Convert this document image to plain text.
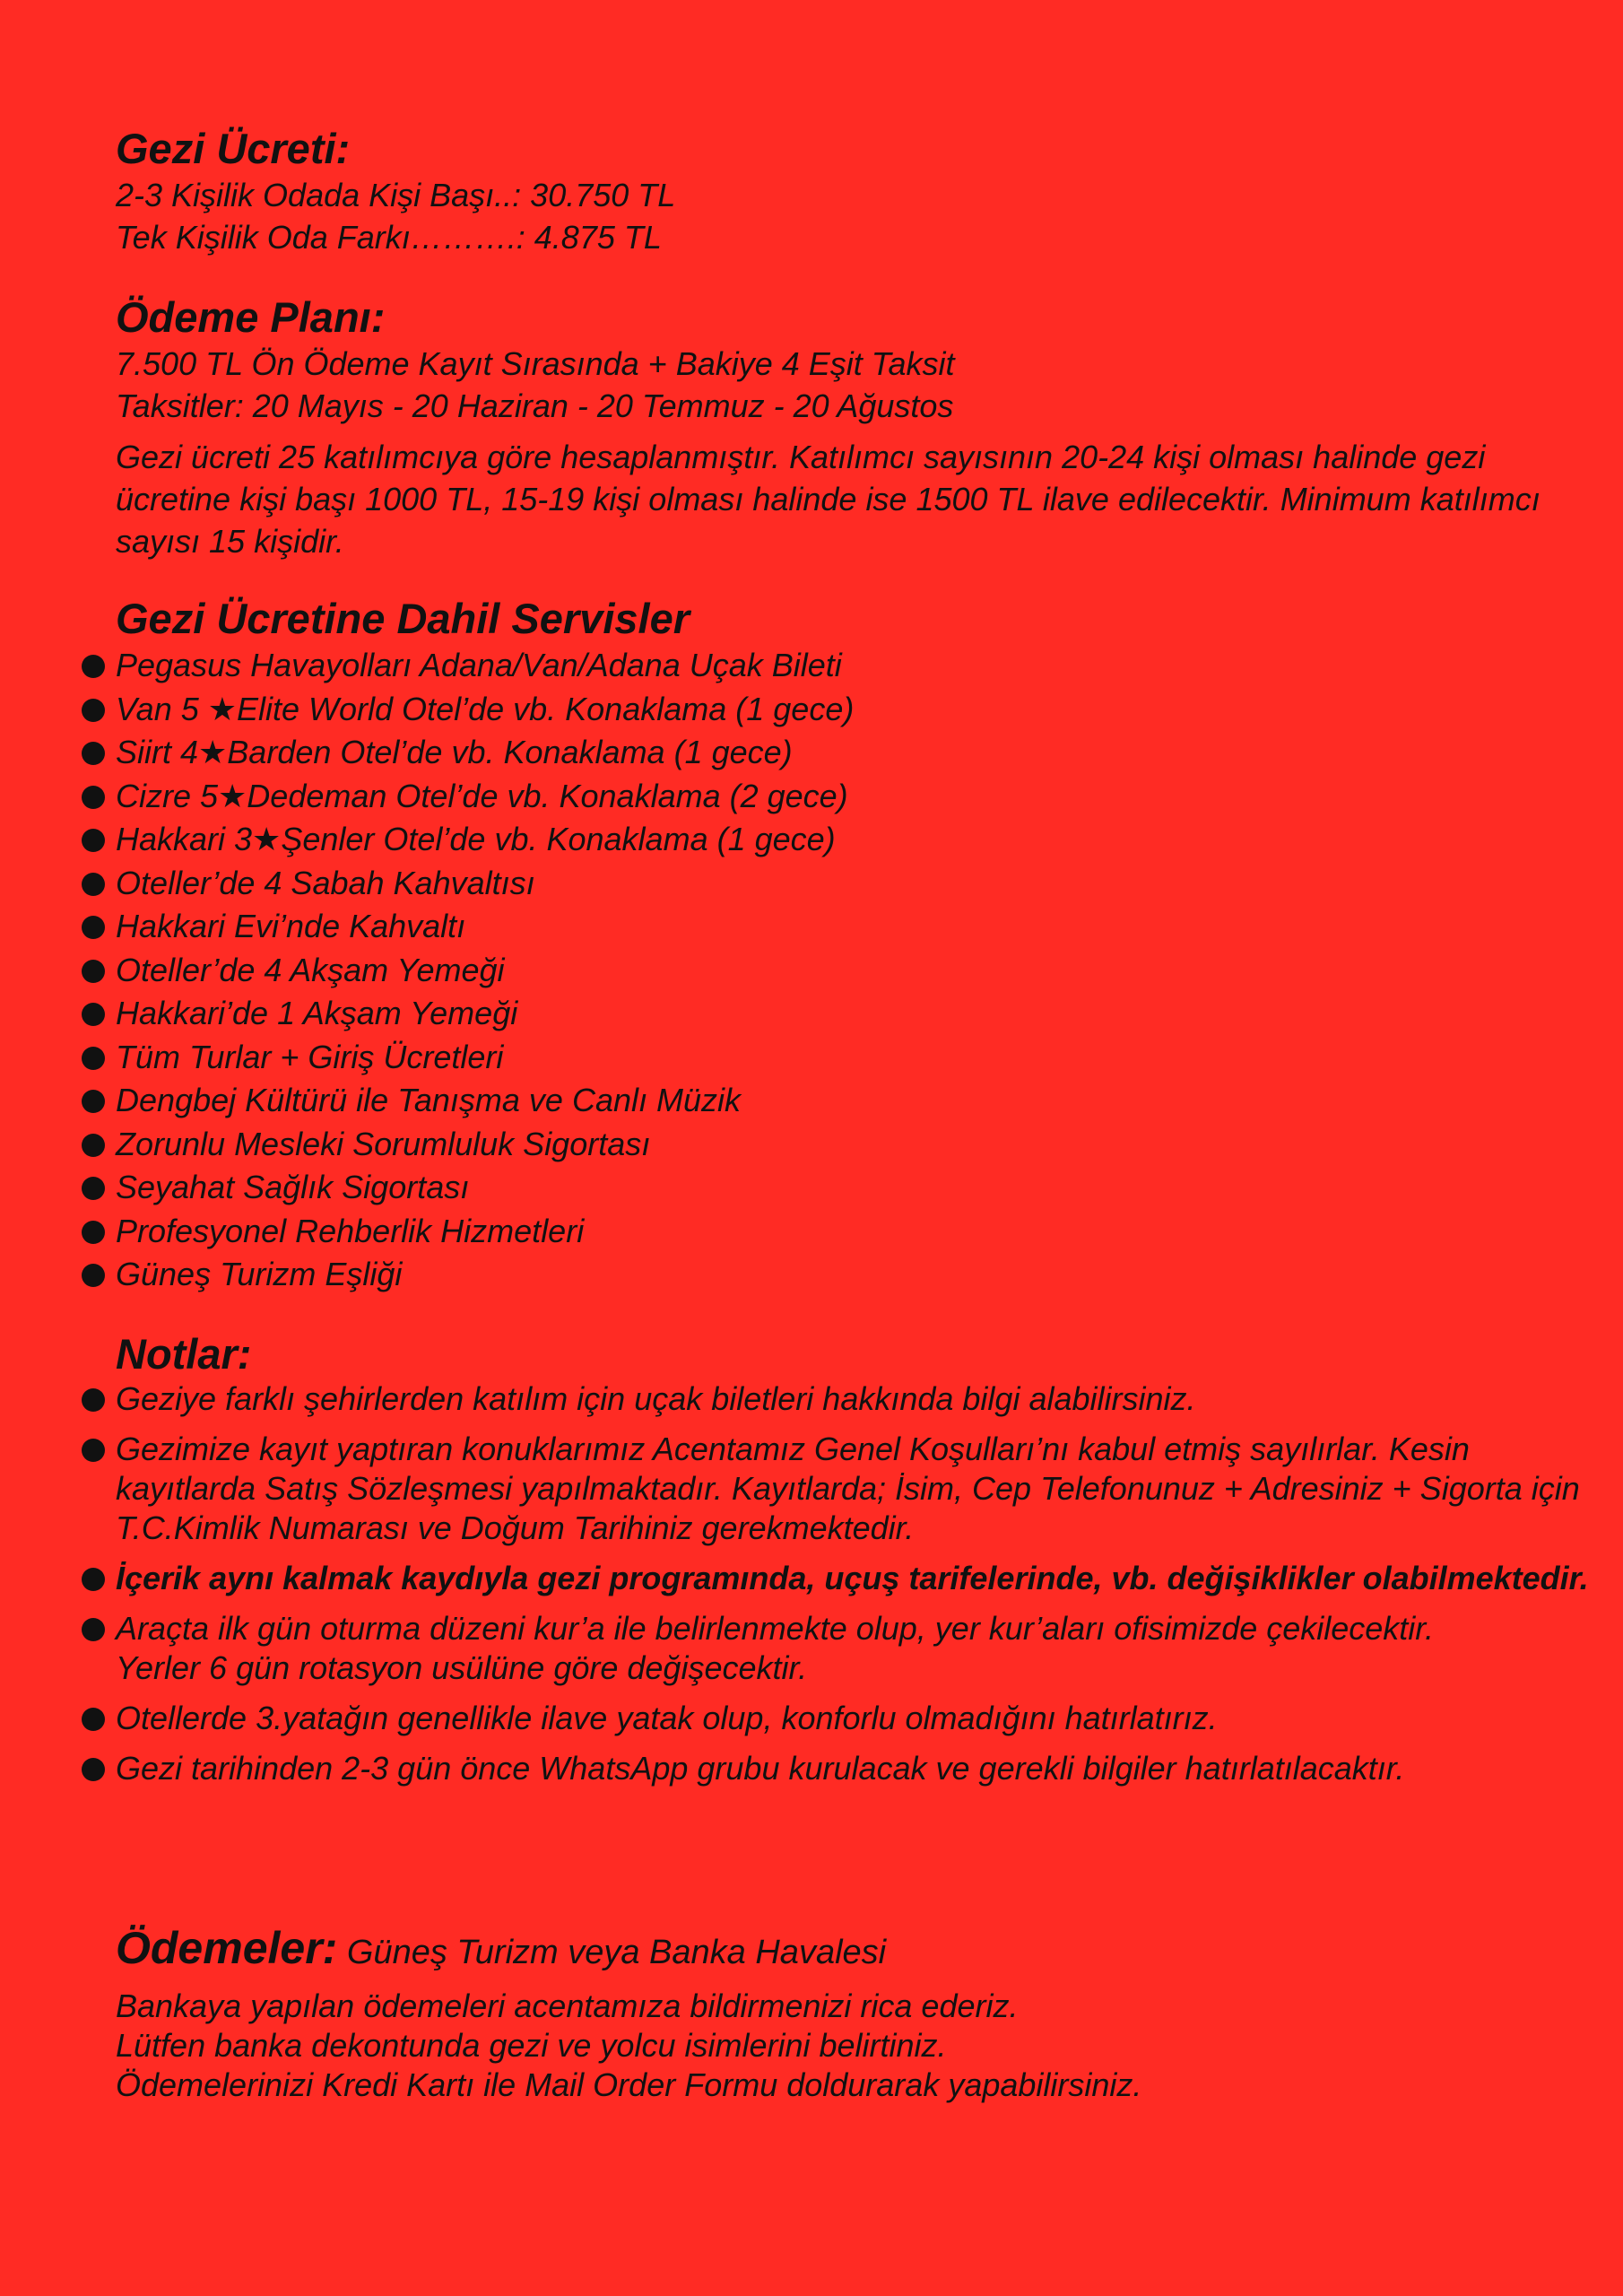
Gezi Ücreti:

2-3 Kişilik Odada Kişi Başı..: 30.750 TL

Tek Kişilik Oda Farkı……….: 4.875 TL

Ödeme Planı:

7.500 TL Ön Ödeme Kayıt Sırasında + Bakiye 4 Eşit Taksit

Taksitler: 20 Mayıs - 20 Haziran - 20 Temmuz - 20 Ağustos

Gezi ücreti 25 katılımcıya göre hesaplanmıştır. Katılımcı sayısının 20-24 kişi olması halinde gezi ücretine kişi başı 1000 TL, 15-19 kişi olması halinde ise 1500 TL ilave edilecektir. Minimum katılımcı sayısı 15 kişidir.

Gezi Ücretine Dahil Servisler
Pegasus Havayolları Adana/Van/Adana Uçak Bileti
Van 5 ★Elite World Otel’de vb. Konaklama (1 gece)
Siirt 4★Barden Otel’de vb. Konaklama (1 gece)
Cizre 5★Dedeman Otel’de vb. Konaklama (2 gece)
Hakkari 3★Şenler Otel’de vb. Konaklama (1 gece)
Oteller’de 4 Sabah Kahvaltısı
Hakkari Evi’nde Kahvaltı
Oteller’de 4 Akşam Yemeği
Hakkari’de 1 Akşam Yemeği
Tüm Turlar + Giriş Ücretleri
Dengbej Kültürü ile Tanışma ve Canlı Müzik
Zorunlu Mesleki Sorumluluk Sigortası
Seyahat Sağlık Sigortası
Profesyonel Rehberlik Hizmetleri
Güneş Turizm Eşliği
Notlar:
Geziye farklı şehirlerden katılım için uçak biletleri hakkında bilgi alabilirsiniz.
Gezimize kayıt yaptıran konuklarımız Acentamız Genel Koşulları’nı kabul etmiş sayılırlar. Kesin kayıtlarda Satış Sözleşmesi yapılmaktadır. Kayıtlarda; İsim, Cep Telefonunuz + Adresiniz + Sigorta için T.C.Kimlik Numarası ve Doğum Tarihiniz gerekmektedir.
İçerik aynı kalmak kaydıyla gezi programında, uçuş tarifelerinde, vb. değişiklikler olabilmektedir.
Araçta ilk gün oturma düzeni kur’a ile belirlenmekte olup, yer kur’aları ofisimizde çekilecektir. Yerler 6 gün rotasyon usülüne göre değişecektir.
Otellerde 3.yatağın genellikle ilave yatak olup, konforlu olmadığını hatırlatırız.
Gezi tarihinden 2-3 gün önce WhatsApp grubu kurulacak ve gerekli bilgiler hatırlatılacaktır.

Ödemeler: Güneş Turizm veya Banka Havalesi

Bankaya yapılan ödemeleri acentamıza bildirmenizi rica ederiz.

Lütfen banka dekontunda gezi ve yolcu isimlerini belirtiniz.

Ödemelerinizi Kredi Kartı ile Mail Order Formu doldurarak yapabilirsiniz.
